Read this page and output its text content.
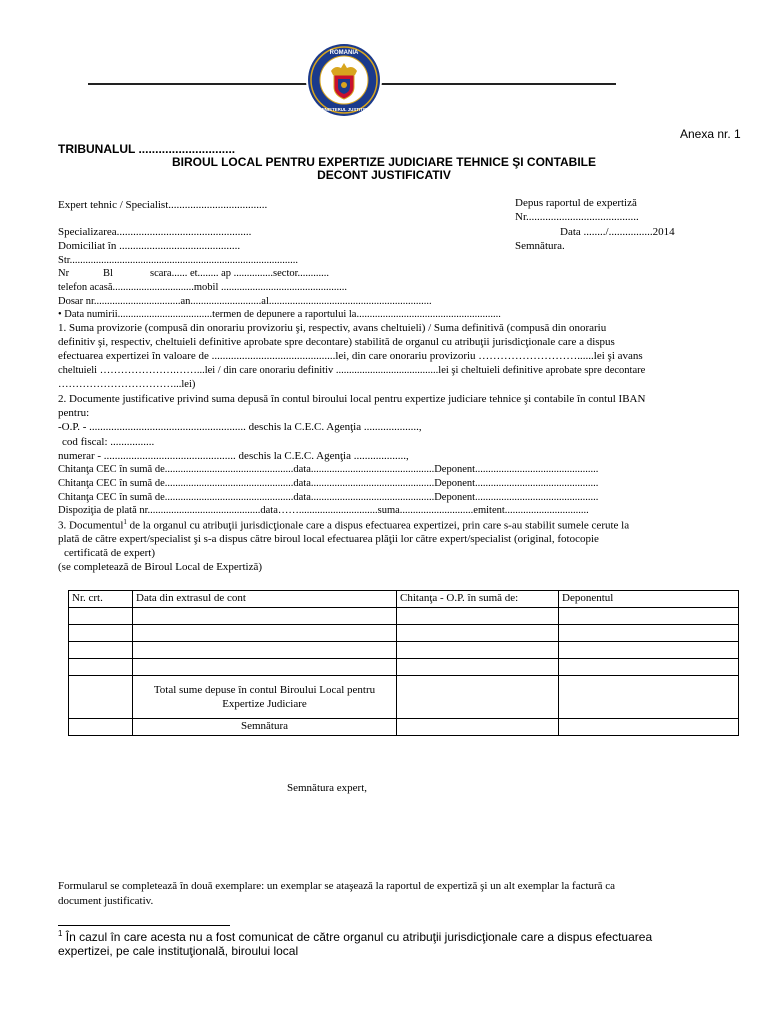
ROMANIA
MINISTERUL JUSTITIEI
Anexa nr. 1
TRIBUNALUL .............................
BIROUL LOCAL PENTRU EXPERTIZE JUDICIARE TEHNICE ŞI CONTABILE
DECONT JUSTIFICATIV
Depus raportul de expertiză
Nr.........................................
Data ......../................2014
Semnătura.
Expert tehnic / Specialist....................................
Specializarea.................................................
Domiciliat în ............................................
Str.......................................................................................
Nr	Bl	scara...... et........ ap ...............sector............
telefon acasă...............................mobil ................................................
Dosar nr.................................an...........................al..............................................................
• Data numirii....................................termen de depunere a raportului la.......................................................
1. Suma provizorie (compusă din onorariu provizoriu şi, respectiv, avans cheltuieli) / Suma definitivă (compusă din onorariu
definitiv şi, respectiv, cheltuieli definitive aprobate spre decontare) stabilită de organul cu atribuţii jurisdicţionale care a dispus
efectuarea expertizei în valoare de .............................................lei, din care onorariu provizoriu ………………………......lei şi avans
cheltuieli ………………….……...lei / din care onorariu definitiv .......................................lei şi cheltuieli definitive aprobate spre decontare
……………………………...lei)
2. Documente justificative privind suma depusă în contul biroului local pentru expertize judiciare tehnice şi contabile în contul IBAN
pentru:
-O.P. - ......................................................... deschis la C.E.C. Agenţia ....................,
cod fiscal: ................
numerar - ................................................ deschis la C.E.C. Agenţia ...................,
Chitanţa CEC în sumă de.................................................data...............................................Deponent...............................................
Chitanţa CEC în sumă de.................................................data...............................................Deponent...............................................
Chitanţa CEC în sumă de.................................................data...............................................Deponent...............................................
Dispoziţia de plată nr...........................................data……..............................suma............................emitent................................
3. Documentul$^1$ de la organul cu atribuţii jurisdicţionale care a dispus efectuarea expertizei, prin care s-au stabilit sumele cerute la
plată de către expert/specialist şi s-a dispus către biroul local efectuarea plăţii lor către expert/specialist (original, fotocopie
certificată de expert)
(se completează de Biroul Local de Expertiză)
Nr. crt.	Data din extrasul de cont	Chitanţa - O.P. în sumă de:	Deponentul

	Total sume depuse în contul Biroului Local pentru Expertize Judiciare		
	Semnătura		
Semnătura expert,
Formularul se completează în două exemplare: un exemplar se ataşează la raportul de expertiză şi un alt exemplar la factură ca
document justificativ.
$^1$ În cazul în care acesta nu a fost comunicat de către organul cu atribuţii jurisdicţionale care a dispus efectuarea
expertizei, pe cale instituţională, biroului local
